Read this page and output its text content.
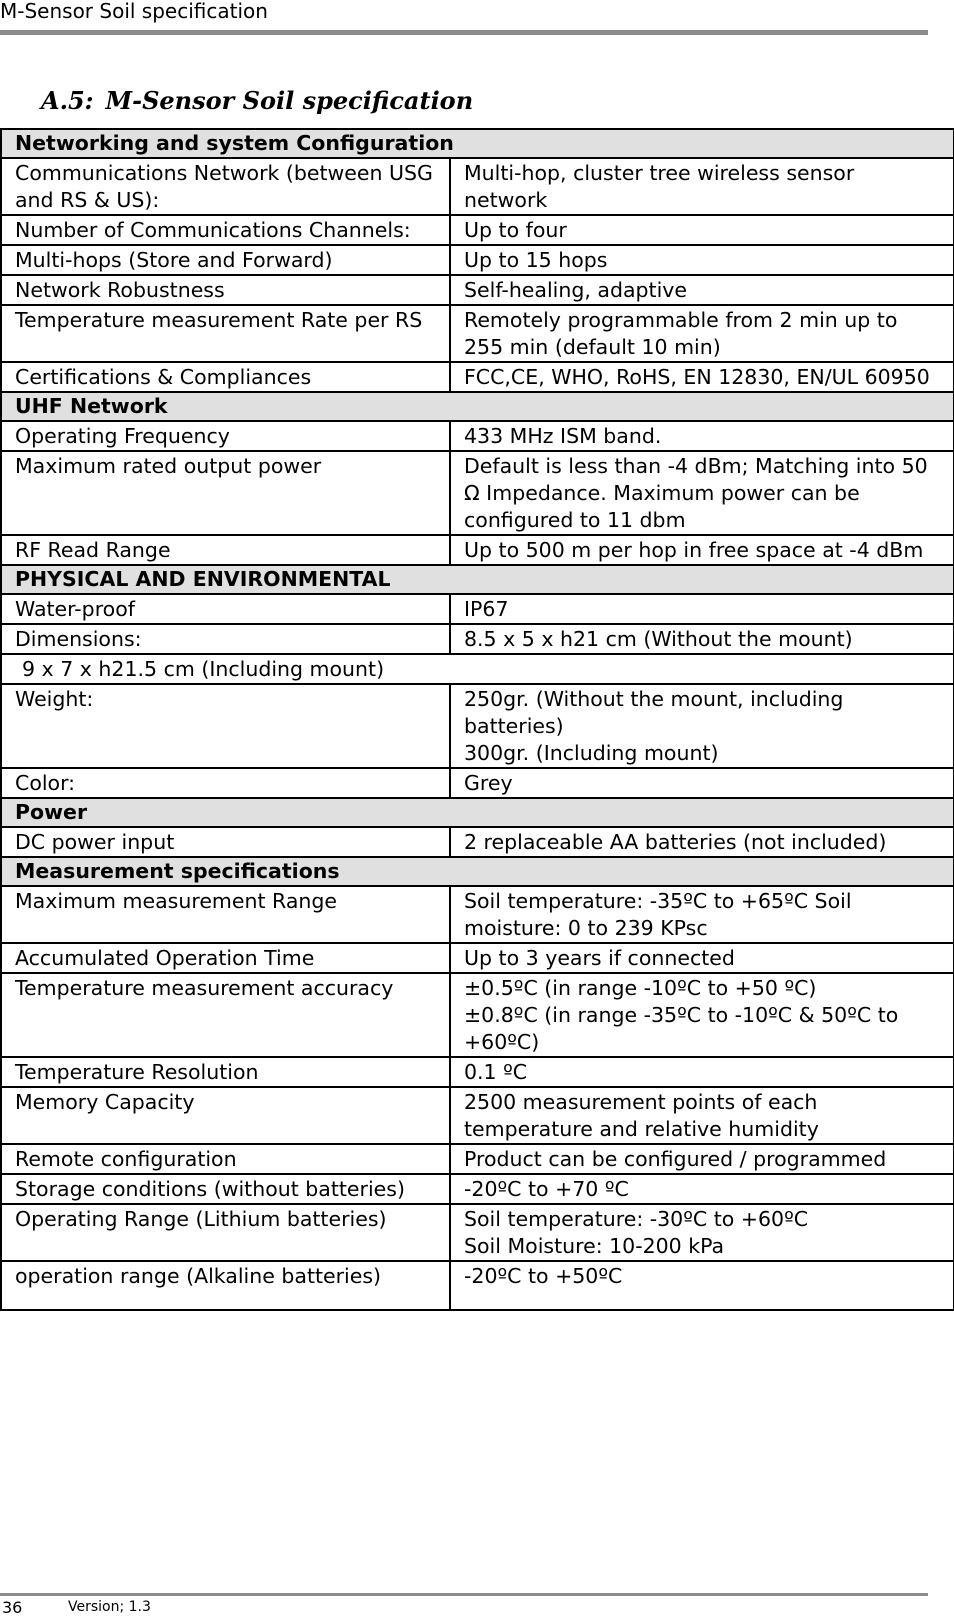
M-Sensor Soil specification
A.5: M-Sensor Soil specification
Networking and system Configuration	
Communications Network (between USG and RS & US):	Multi-hop, cluster tree wireless sensor network
Number of Communications Channels:	Up to four
Multi-hops (Store and Forward)	Up to 15 hops
Network Robustness	Self-healing, adaptive
Temperature measurement Rate per RS	Remotely programmable from 2 min up to 255 min (default 10 min)
Certifications & Compliances	FCC,CE, WHO, RoHS, EN 12830, EN/UL 60950
UHF Network	
Operating Frequency	433 MHz ISM band.
Maximum rated output power	Default is less than -4 dBm; Matching into 50 Ω Impedance. Maximum power can be configured to 11 dbm
RF Read Range	Up to 500 m per hop in free space at -4 dBm
PHYSICAL AND ENVIRONMENTAL	
Water-proof	IP67
Dimensions:	8.5 x 5 x h21 cm (Without the mount)
9 x 7 x h21.5 cm (Including mount)	
Weight:	250gr. (Without the mount, including batteries)
300gr. (Including mount)

Color:	Grey
Power	
DC power input	2 replaceable AA batteries (not included)
Measurement specifications	
Maximum measurement Range	Soil temperature: -35ºC to +65ºC Soil moisture: 0 to 239 KPsc
Accumulated Operation Time	Up to 3 years if connected
Temperature measurement accuracy	±0.5ºC (in range -10ºC to +50 ºC)
±0.8ºC (in range -35ºC to -10ºC & 50ºC to +60ºC)

Temperature Resolution	0.1 ºC
Memory Capacity	2500 measurement points of each temperature and relative humidity
Remote configuration	Product can be configured / programmed
Storage conditions (without batteries)	-20ºC to +70 ºC
Operating Range (Lithium batteries)	Soil temperature: -30ºC to +60ºC
Soil Moisture: 10-200 kPa

operation range (Alkaline batteries)	-20ºC to +50ºC
36	Version; 1.3
